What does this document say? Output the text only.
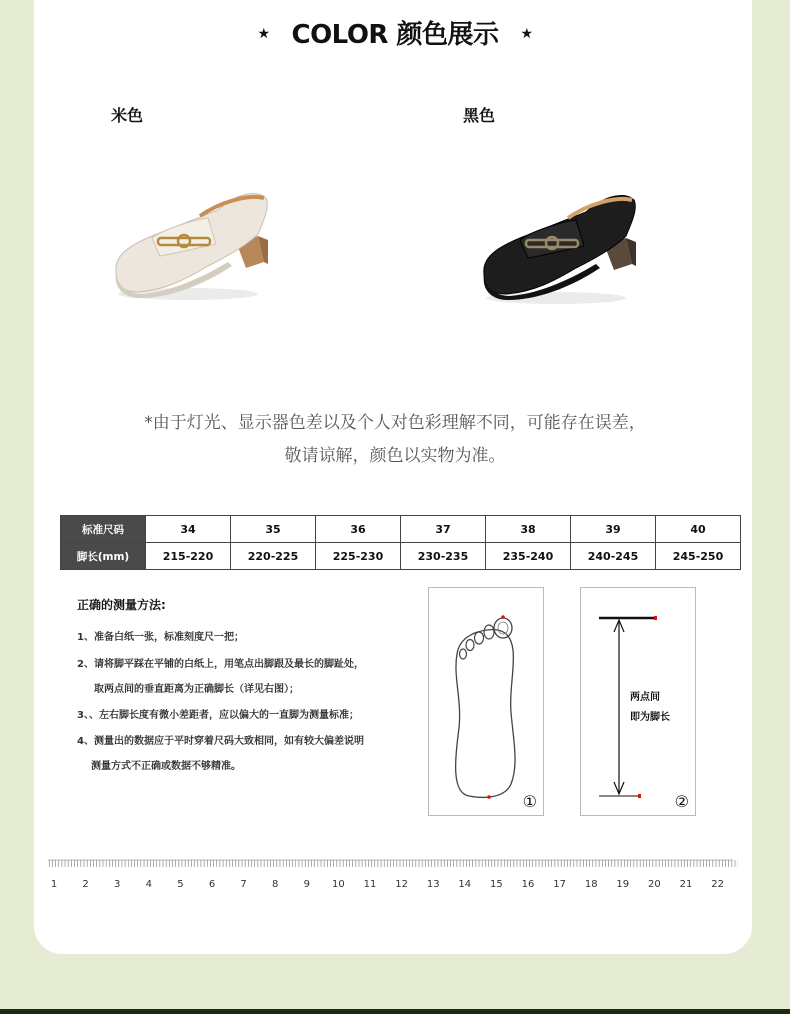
★ COLOR 颜色展示 ★
米色	黑色
*由于灯光、显示器色差以及个人对色彩理解不同，可能存在误差，
敬请谅解，颜色以实物为准。
标准尺码	34	35	36	37	38	39	40
脚长(mm)	215-220	220-225	225-230	230-235	235-240	240-245	245-250
正确的测量方法:
1、准备白纸一张，标准刻度尺一把；
2、请将脚平踩在平铺的白纸上，用笔点出脚跟及最长的脚趾处，
取两点间的垂直距离为正确脚长（详见右图）；
3、、左右脚长度有微小差距者，应以偏大的一直脚为测量标准；
4、测量出的数据应于平时穿着尺码大致相同，如有较大偏差说明
测量方式不正确或数据不够精准。
①
两点间
即为脚长
②
1	2	3	4	5	6	7	8	9 10 11 12 13 14 15 16 17 18 19 20 21 22
